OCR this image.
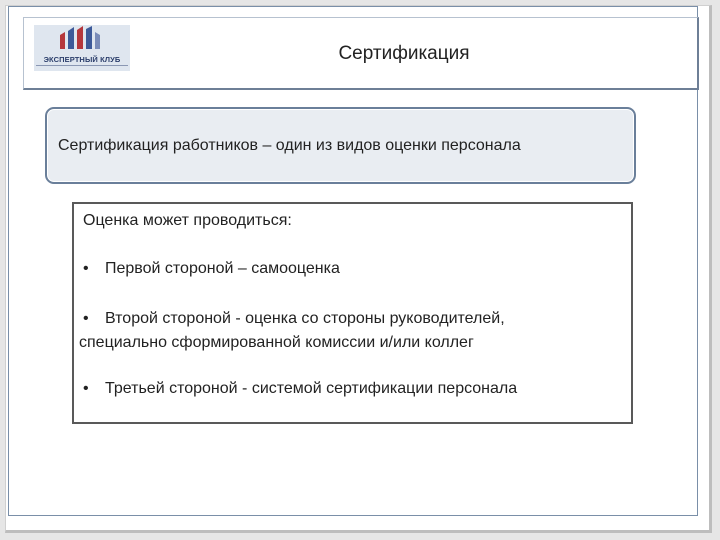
ЭКСПЕРТНЫЙ КЛУБ	Сертификация
Сертификация работников – один из видов оценки персонала
Оценка может проводиться:
• Первой стороной – самооценка
• Второй стороной - оценка со стороны руководителей,
специально сформированной комиссии и/или коллег
• Третьей стороной - системой сертификации персонала
